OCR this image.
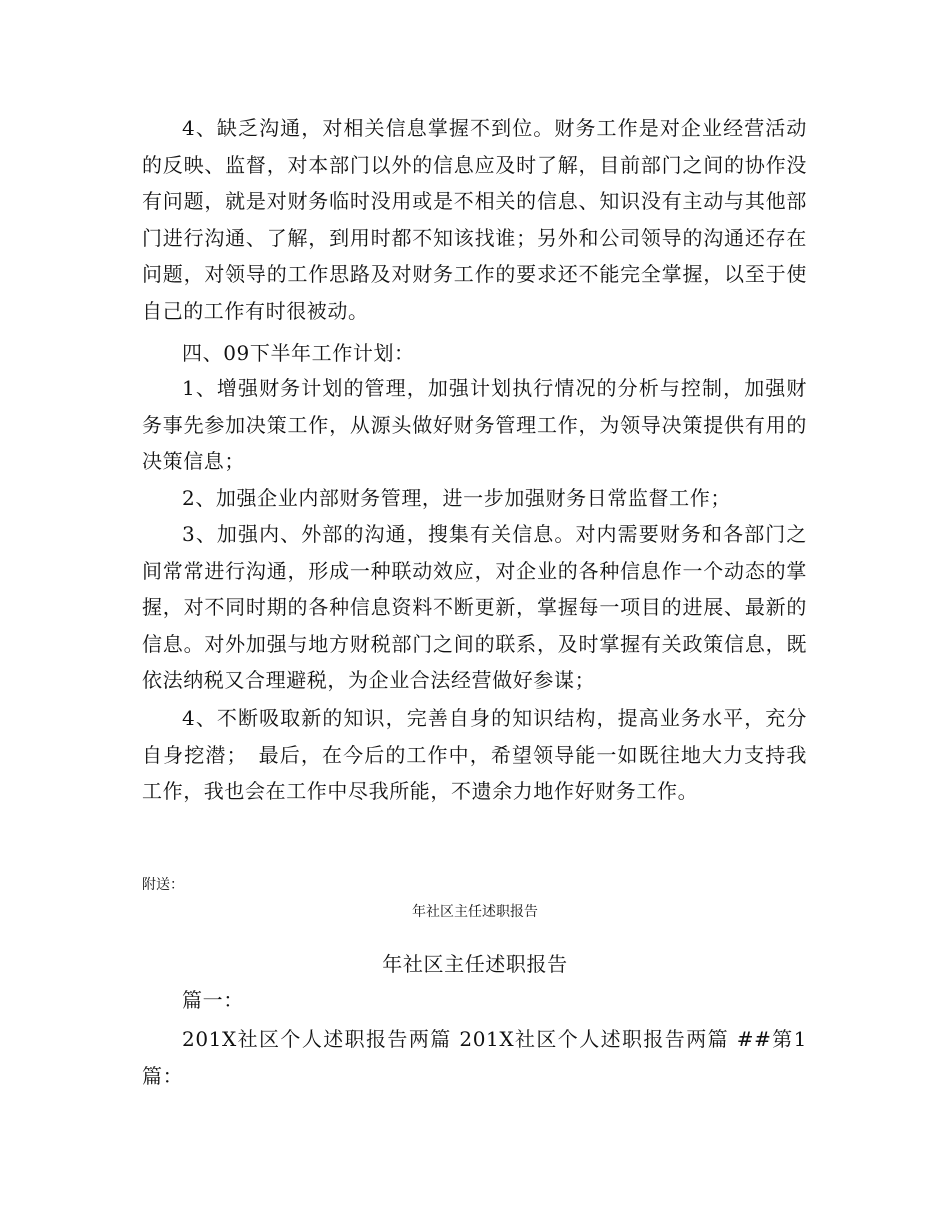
4、缺乏沟通，对相关信息掌握不到位。财务工作是对企业经营活动的反映、监督，对本部门以外的信息应及时了解，目前部门之间的协作没有问题，就是对财务临时没用或是不相关的信息、知识没有主动与其他部门进行沟通、了解，到用时都不知该找谁；另外和公司领导的沟通还存在问题，对领导的工作思路及对财务工作的要求还不能完全掌握，以至于使自己的工作有时很被动。

四、09下半年工作计划：

1、增强财务计划的管理，加强计划执行情况的分析与控制，加强财务事先参加决策工作，从源头做好财务管理工作，为领导决策提供有用的决策信息；

2、加强企业内部财务管理，进一步加强财务日常监督工作；

3、加强内、外部的沟通，搜集有关信息。对内需要财务和各部门之间常常进行沟通，形成一种联动效应，对企业的各种信息作一个动态的掌握，对不同时期的各种信息资料不断更新，掌握每一项目的进展、最新的信息。对外加强与地方财税部门之间的联系，及时掌握有关政策信息，既依法纳税又合理避税，为企业合法经营做好参谋；

4、不断吸取新的知识，完善自身的知识结构，提高业务水平，充分自身挖潜；　最后，在今后的工作中，希望领导能一如既往地大力支持我工作，我也会在工作中尽我所能，不遗余力地作好财务工作。

附送：

年社区主任述职报告

年社区主任述职报告

篇一：

201X社区个人述职报告两篇 201X社区个人述职报告两篇 ##第1篇：
